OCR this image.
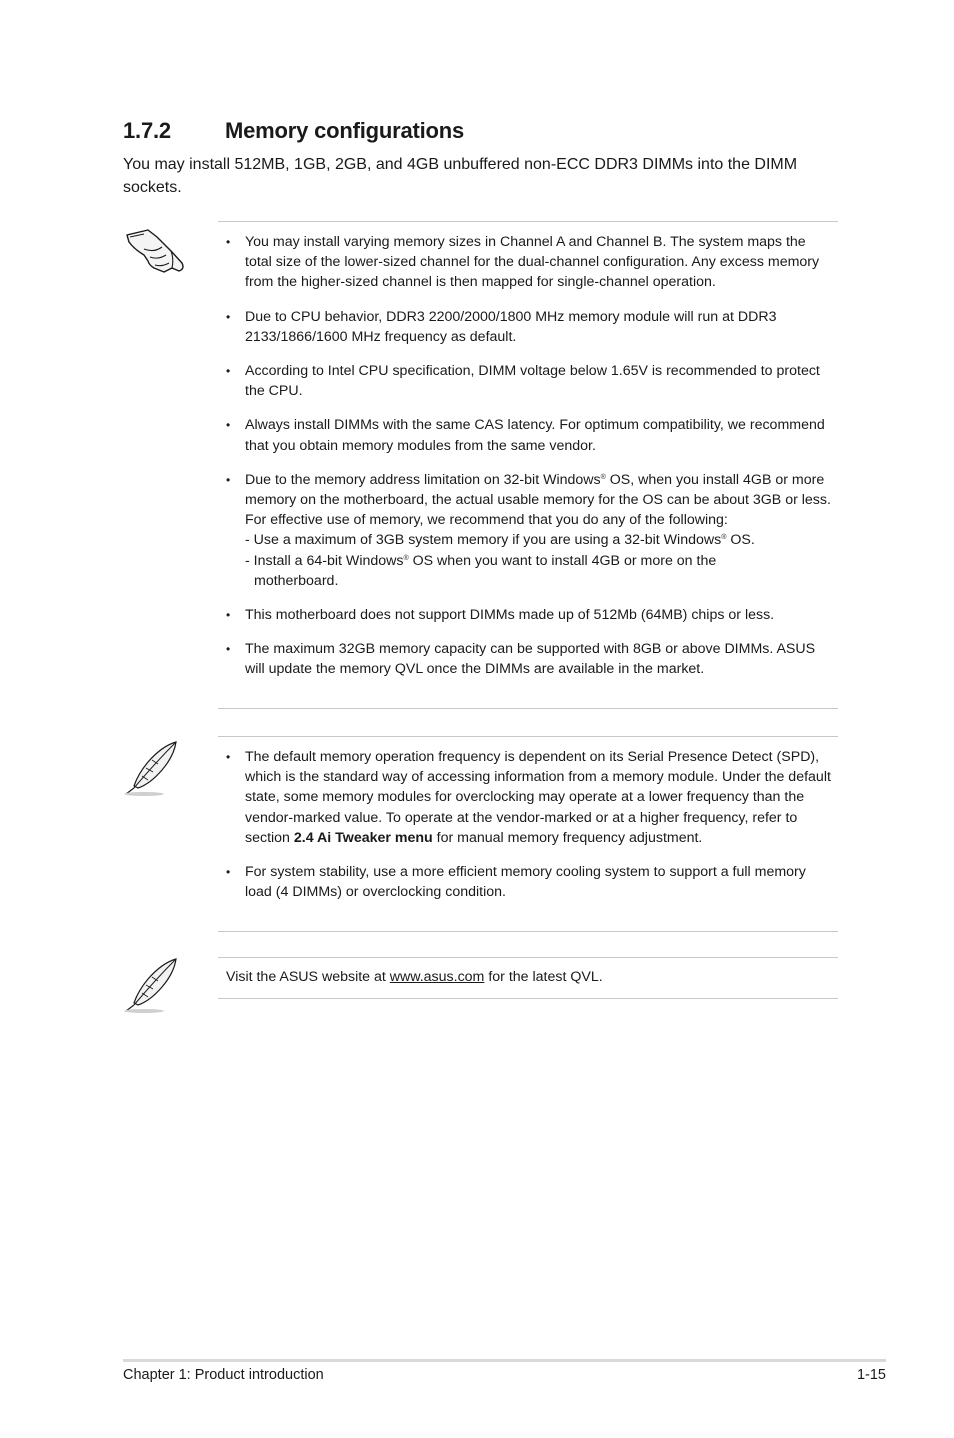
1.7.2	Memory configurations

You may install 512MB, 1GB, 2GB, and 4GB unbuffered non-ECC DDR3 DIMMs into the DIMM sockets.

• You may install varying memory sizes in Channel A and Channel B. The system maps the total size of the lower-sized channel for the dual-channel configuration. Any excess memory from the higher-sized channel is then mapped for single-channel operation.
• Due to CPU behavior, DDR3 2200/2000/1800 MHz memory module will run at DDR3 2133/1866/1600 MHz frequency as default.
• According to Intel CPU specification, DIMM voltage below 1.65V is recommended to protect the CPU.
• Always install DIMMs with the same CAS latency. For optimum compatibility, we recommend that you obtain memory modules from the same vendor.
• Due to the memory address limitation on 32-bit Windows® OS, when you install 4GB or more memory on the motherboard, the actual usable memory for the OS can be about 3GB or less. For effective use of memory, we recommend that you do any of the following:
- Use a maximum of 3GB system memory if you are using a 32-bit Windows® OS.
- Install a 64-bit Windows® OS when you want to install 4GB or more on the
motherboard.
• This motherboard does not support DIMMs made up of 512Mb (64MB) chips or less.
• The maximum 32GB memory capacity can be supported with 8GB or above DIMMs. ASUS will update the memory QVL once the DIMMs are available in the market.
• The default memory operation frequency is dependent on its Serial Presence Detect (SPD), which is the standard way of accessing information from a memory module. Under the default state, some memory modules for overclocking may operate at a lower frequency than the vendor-marked value. To operate at the vendor-marked or at a higher frequency, refer to section 2.4 Ai Tweaker menu for manual memory frequency adjustment.
• For system stability, use a more efficient memory cooling system to support a full memory load (4 DIMMs) or overclocking condition.
Visit the ASUS website at www.asus.com for the latest QVL.
Chapter 1: Product introduction	1-15
